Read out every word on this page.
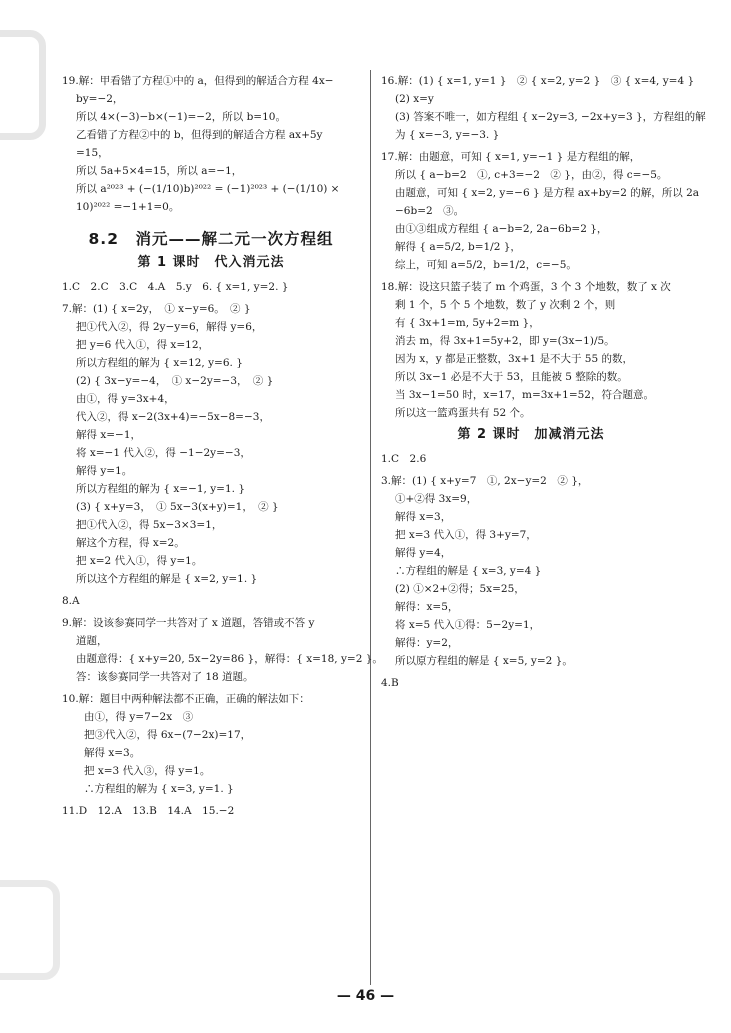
19.解：甲看错了方程①中的 a，但得到的解适合方程 4x−
by=−2，
所以 4×(−3)−b×(−1)=−2，所以 b=10。
乙看错了方程②中的 b，但得到的解适合方程 ax+5y
=15，
所以 5a+5×4=15，所以 a=−1，
所以 a²⁰²³ + (−(1/10)b)²⁰²² = (−1)²⁰²³ + (−(1/10) ×
10)²⁰²² =−1+1=0。
8.2　消元——解二元一次方程组
第 1 课时　代入消元法
1.C　2.C　3.C　4.A　5.y　6. { x=1, y=2. }
7.解：(1) { x=2y，　① x−y=6。　② }
把①代入②，得 2y−y=6，解得 y=6，
把 y=6 代入①，得 x=12，
所以方程组的解为 { x=12, y=6. }
(2) { 3x−y=−4，　① x−2y=−3，　② }
由①，得 y=3x+4，
代入②，得 x−2(3x+4)=−5x−8=−3，
解得 x=−1，
将 x=−1 代入②，得 −1−2y=−3，
解得 y=1。
所以方程组的解为 { x=−1, y=1. }
(3) { x+y=3，　① 5x−3(x+y)=1，　② }
把①代入②，得 5x−3×3=1，
解这个方程，得 x=2。
把 x=2 代入①，得 y=1。
所以这个方程组的解是 { x=2, y=1. }
8.A
9.解：设该参赛同学一共答对了 x 道题，答错或不答 y
道题，
由题意得：{ x+y=20, 5x−2y=86 }，解得：{ x=18, y=2 }。
答：该参赛同学一共答对了 18 道题。
10.解：题目中两种解法都不正确，正确的解法如下：
由①，得 y=7−2x　③
把③代入②，得 6x−(7−2x)=17，
解得 x=3。
把 x=3 代入③，得 y=1。
∴方程组的解为 { x=3, y=1. }
11.D　12.A　13.B　14.A　15.−2
16.解：(1) { x=1, y=1 }　② { x=2, y=2 }　③ { x=4, y=4 }
(2) x=y
(3) 答案不唯一，如方程组 { x−2y=3, −2x+y=3 }，方程组的解
为 { x=−3, y=−3. }
17.解：由题意，可知 { x=1, y=−1 } 是方程组的解，
所以 { a−b=2　①, c+3=−2　② }，由②，得 c=−5。
由题意，可知 { x=2, y=−6 } 是方程 ax+by=2 的解，所以 2a
−6b=2　③。
由①③组成方程组 { a−b=2, 2a−6b=2 }，
解得 { a=5/2, b=1/2 }，
综上，可知 a=5/2，b=1/2，c=−5。
18.解：设这只篮子装了 m 个鸡蛋，3 个 3 个地数，数了 x 次
剩 1 个，5 个 5 个地数，数了 y 次剩 2 个，则
有 { 3x+1=m, 5y+2=m }，
消去 m，得 3x+1=5y+2，即 y=(3x−1)/5。
因为 x，y 都是正整数，3x+1 是不大于 55 的数，
所以 3x−1 必是不大于 53，且能被 5 整除的数。
当 3x−1=50 时，x=17，m=3x+1=52，符合题意。
所以这一篮鸡蛋共有 52 个。
第 2 课时　加减消元法
1.C　2.6
3.解：(1) { x+y=7　①, 2x−y=2　② }，
①+②得 3x=9，
解得 x=3，
把 x=3 代入①，得 3+y=7，
解得 y=4，
∴方程组的解是 { x=3, y=4 }
(2) ①×2+②得；5x=25，
解得：x=5，
将 x=5 代入①得：5−2y=1，
解得：y=2，
所以原方程组的解是 { x=5, y=2 }。
4.B
— 46 —
